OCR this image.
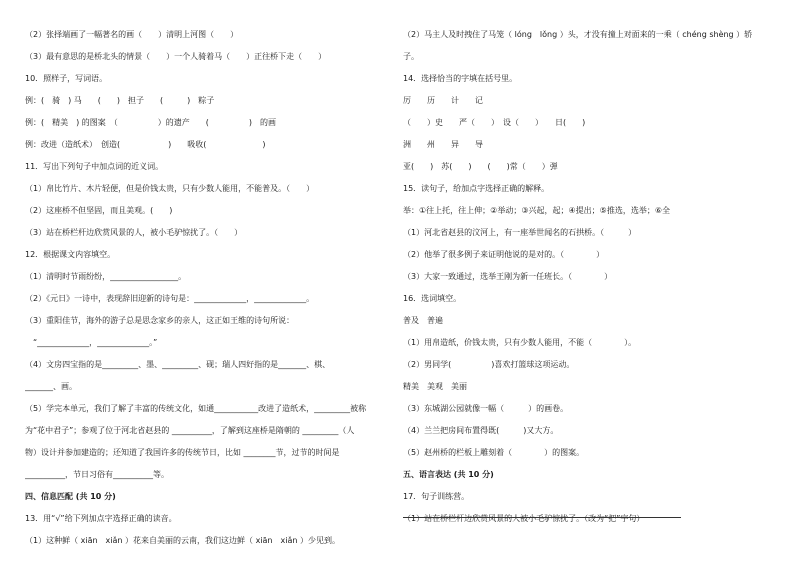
（2）张择端画了一幅著名的画（　　）清明上河图（　　）
（3）最有意思的是桥北头的情景（　　）一个人骑着马（　　）正往桥下走（　　）
10．照样子，写词语。
例：(　骑　) 马　　(　　)　担子　　(　　　)　粽子
例：(　精美　) 的图案　（　　　　　）的遗产　　(　　　　　)　的画
例：改进（造纸术）　创造(　　　　　　)　　吸收(　　　　　　　)
11．写出下列句子中加点词的近义词。
（1）帛比竹片、木片轻便，但是价钱太贵，只有少数人能用，不能普及。（　　）
（2）这座桥不但坚固，而且美观。(　　)
（3）站在桥栏杆边欣赏风景的人，被小毛驴惊扰了。（　　）
12．根据课文内容填空。
（1）清明时节雨纷纷，_________________。
（2）《元日》一诗中，表现辞旧迎新的诗句是：_____________，_____________。
（3）重阳佳节，海外的游子总是思念家乡的亲人，这正如王维的诗句所说：
　“_____________，_____________。”
（4）文房四宝指的是_________、墨、_________、砚；瑞人四好指的是_______、棋、
_______、画。
（5）学完本单元，我们了解了丰富的传统文化，如通___________改进了造纸术，_________被称
为“花中君子”；参观了位于河北省赵县的 __________，了解到这座桥是隋朝的 _________（人
物）设计并参加建造的；还知道了我国许多的传统节日，比如 ________节，过节的时间是
__________，节日习俗有__________等。
四、信息匹配 (共 10 分)
13．用“√”给下列加点字选择正确的读音。
（1）这种鲜（ xiān　xiǎn ）花来自美丽的云南，我们这边鲜（ xiān　xiǎn ）少见到。
（2）马主人及时拽住了马笼（ lóng　lǒng ）头，才没有撞上对面来的一乘（ chéng shèng ）轿
子。
14．选择恰当的字填在括号里。
厉　　历　　计　　记
（　　）史　　严（　　）　设（　　）　　日(　　)
洲　　州　　异　　导
亚(　　)　苏(　　)　　(　　)常（　　）弹
15．读句子，给加点字选择正确的解释。
举：①往上托，往上伸；②举动；③兴起，起；④提出；⑤推选，选举；⑥全
（1）河北省赵县的汶河上，有一座举世闻名的石拱桥。（　　　）
（2）他举了很多例子来证明他说的是对的。（　　　　）
（3）大家一致通过，选举王刚为新一任班长。（　　　　）
16．选词填空。
普及　普遍
（1）用帛造纸，价钱太贵，只有少数人能用，不能（　　　　）。
（2）男同学(　　　　　)喜欢打篮球这项运动。
精美　美观　美丽
（3）东城湖公园就像一幅（　　　）的画卷。
（4）兰兰把房间布置得既(　　　)又大方。
（5）赵州桥的栏板上雕刻着（　　　　）的图案。
五、语言表达 (共 10 分)
17．句子训练营。
（1）站在桥栏杆边欣赏风景的人被小毛驴惊扰了。（改为“把”字句）
